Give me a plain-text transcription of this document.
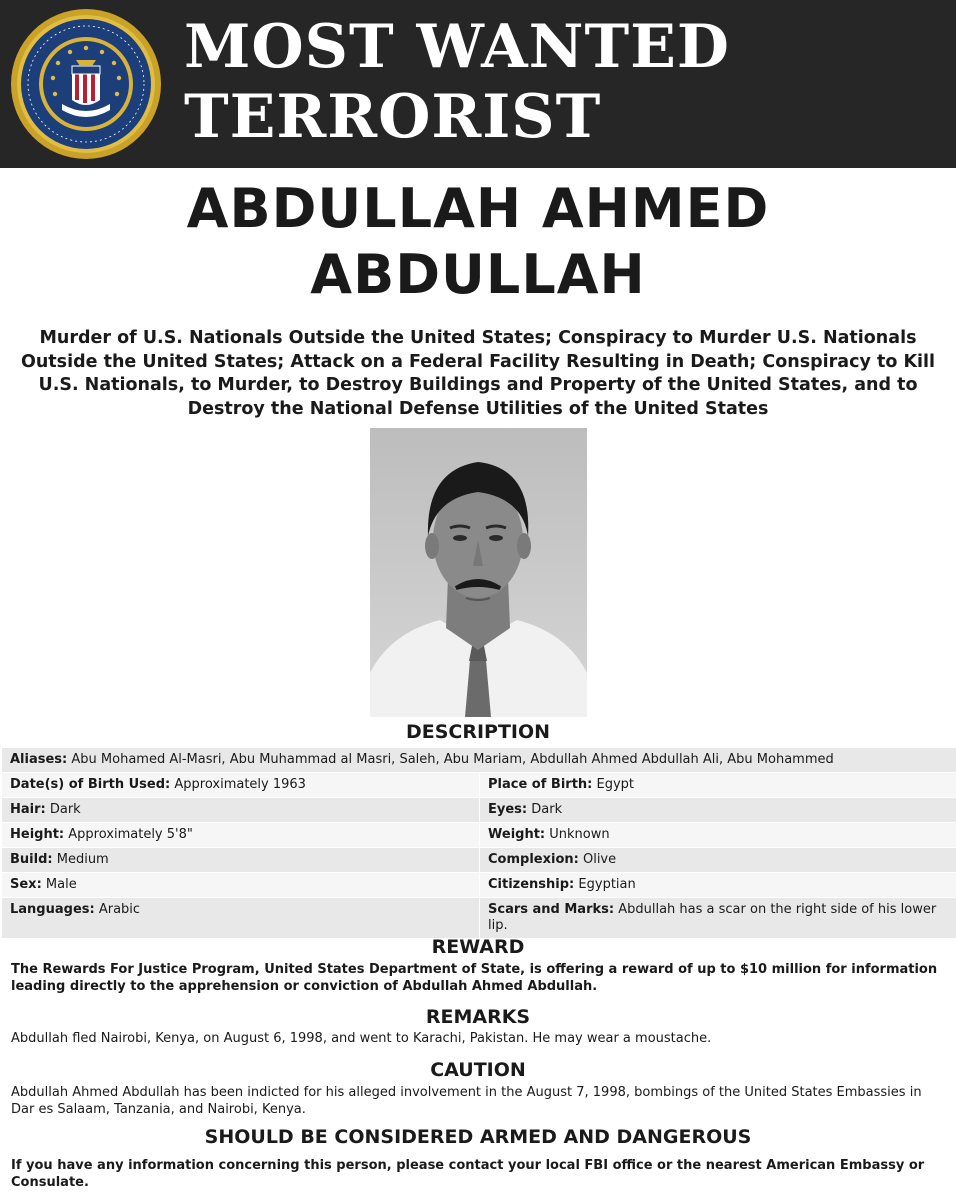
MOST WANTED
TERRORIST
ABDULLAH AHMED
ABDULLAH
Murder of U.S. Nationals Outside the United States; Conspiracy to Murder U.S. Nationals Outside the United States; Attack on a Federal Facility Resulting in Death; Conspiracy to Kill U.S. Nationals, to Murder, to Destroy Buildings and Property of the United States, and to Destroy the National Defense Utilities of the United States
DESCRIPTION
Aliases: Abu Mohamed Al-Masri, Abu Muhammad al Masri, Saleh, Abu Mariam, Abdullah Ahmed Abdullah Ali, Abu Mohammed	
Date(s) of Birth Used: Approximately 1963	Place of Birth: Egypt
Hair: Dark	Eyes: Dark
Height: Approximately 5'8"	Weight: Unknown
Build: Medium	Complexion: Olive
Sex: Male	Citizenship: Egyptian
Languages: Arabic	Scars and Marks: Abdullah has a scar on the right side of his lower lip.
REWARD
The Rewards For Justice Program, United States Department of State, is offering a reward of up to $10 million for information leading directly to the apprehension or conviction of Abdullah Ahmed Abdullah.
REMARKS
Abdullah fled Nairobi, Kenya, on August 6, 1998, and went to Karachi, Pakistan. He may wear a moustache.
CAUTION
Abdullah Ahmed Abdullah has been indicted for his alleged involvement in the August 7, 1998, bombings of the United States Embassies in Dar es Salaam, Tanzania, and Nairobi, Kenya.
SHOULD BE CONSIDERED ARMED AND DANGEROUS
If you have any information concerning this person, please contact your local FBI office or the nearest American Embassy or Consulate.
